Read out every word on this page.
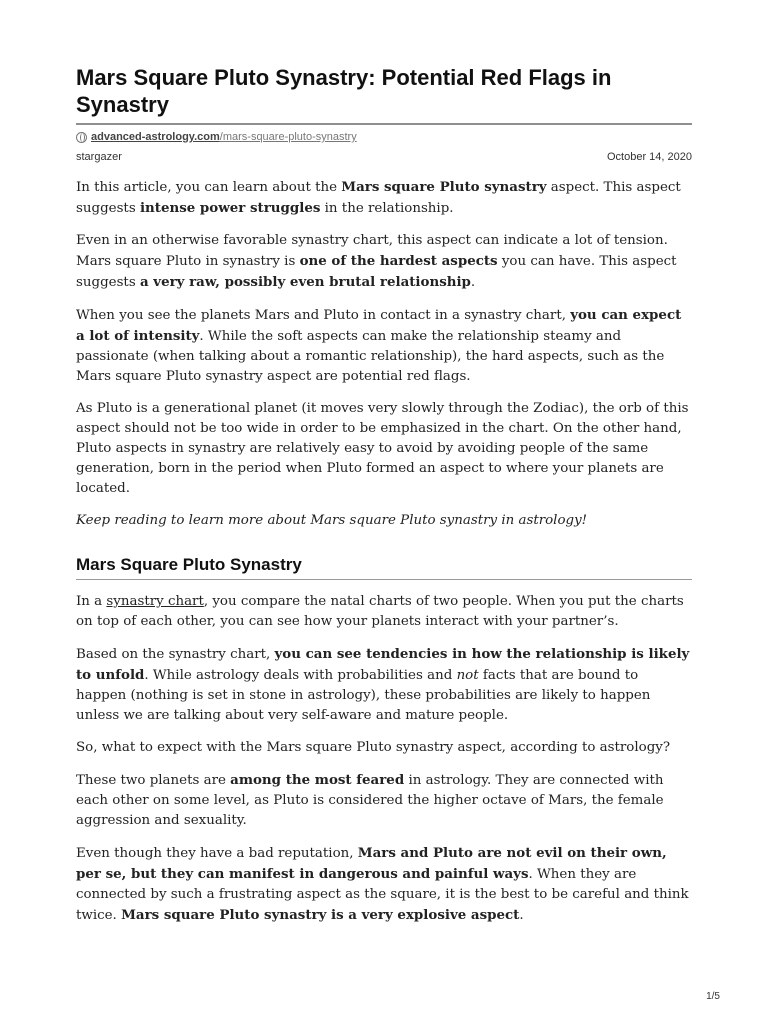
Mars Square Pluto Synastry: Potential Red Flags in Synastry
advanced-astrology.com/mars-square-pluto-synastry
stargazer	October 14, 2020

In this article, you can learn about the Mars square Pluto synastry aspect. This aspect suggests intense power struggles in the relationship.

Even in an otherwise favorable synastry chart, this aspect can indicate a lot of tension. Mars square Pluto in synastry is one of the hardest aspects you can have. This aspect suggests a very raw, possibly even brutal relationship.

When you see the planets Mars and Pluto in contact in a synastry chart, you can expect a lot of intensity. While the soft aspects can make the relationship steamy and passionate (when talking about a romantic relationship), the hard aspects, such as the Mars square Pluto synastry aspect are potential red flags.

As Pluto is a generational planet (it moves very slowly through the Zodiac), the orb of this aspect should not be too wide in order to be emphasized in the chart. On the other hand, Pluto aspects in synastry are relatively easy to avoid by avoiding people of the same generation, born in the period when Pluto formed an aspect to where your planets are located.

Keep reading to learn more about Mars square Pluto synastry in astrology!

Mars Square Pluto Synastry

In a synastry chart, you compare the natal charts of two people. When you put the charts on top of each other, you can see how your planets interact with your partner’s.

Based on the synastry chart, you can see tendencies in how the relationship is likely to unfold. While astrology deals with probabilities and not facts that are bound to happen (nothing is set in stone in astrology), these probabilities are likely to happen unless we are talking about very self-aware and mature people.

So, what to expect with the Mars square Pluto synastry aspect, according to astrology?

These two planets are among the most feared in astrology. They are connected with each other on some level, as Pluto is considered the higher octave of Mars, the female aggression and sexuality.

Even though they have a bad reputation, Mars and Pluto are not evil on their own, per se, but they can manifest in dangerous and painful ways. When they are connected by such a frustrating aspect as the square, it is the best to be careful and think twice. Mars square Pluto synastry is a very explosive aspect.

1/5
